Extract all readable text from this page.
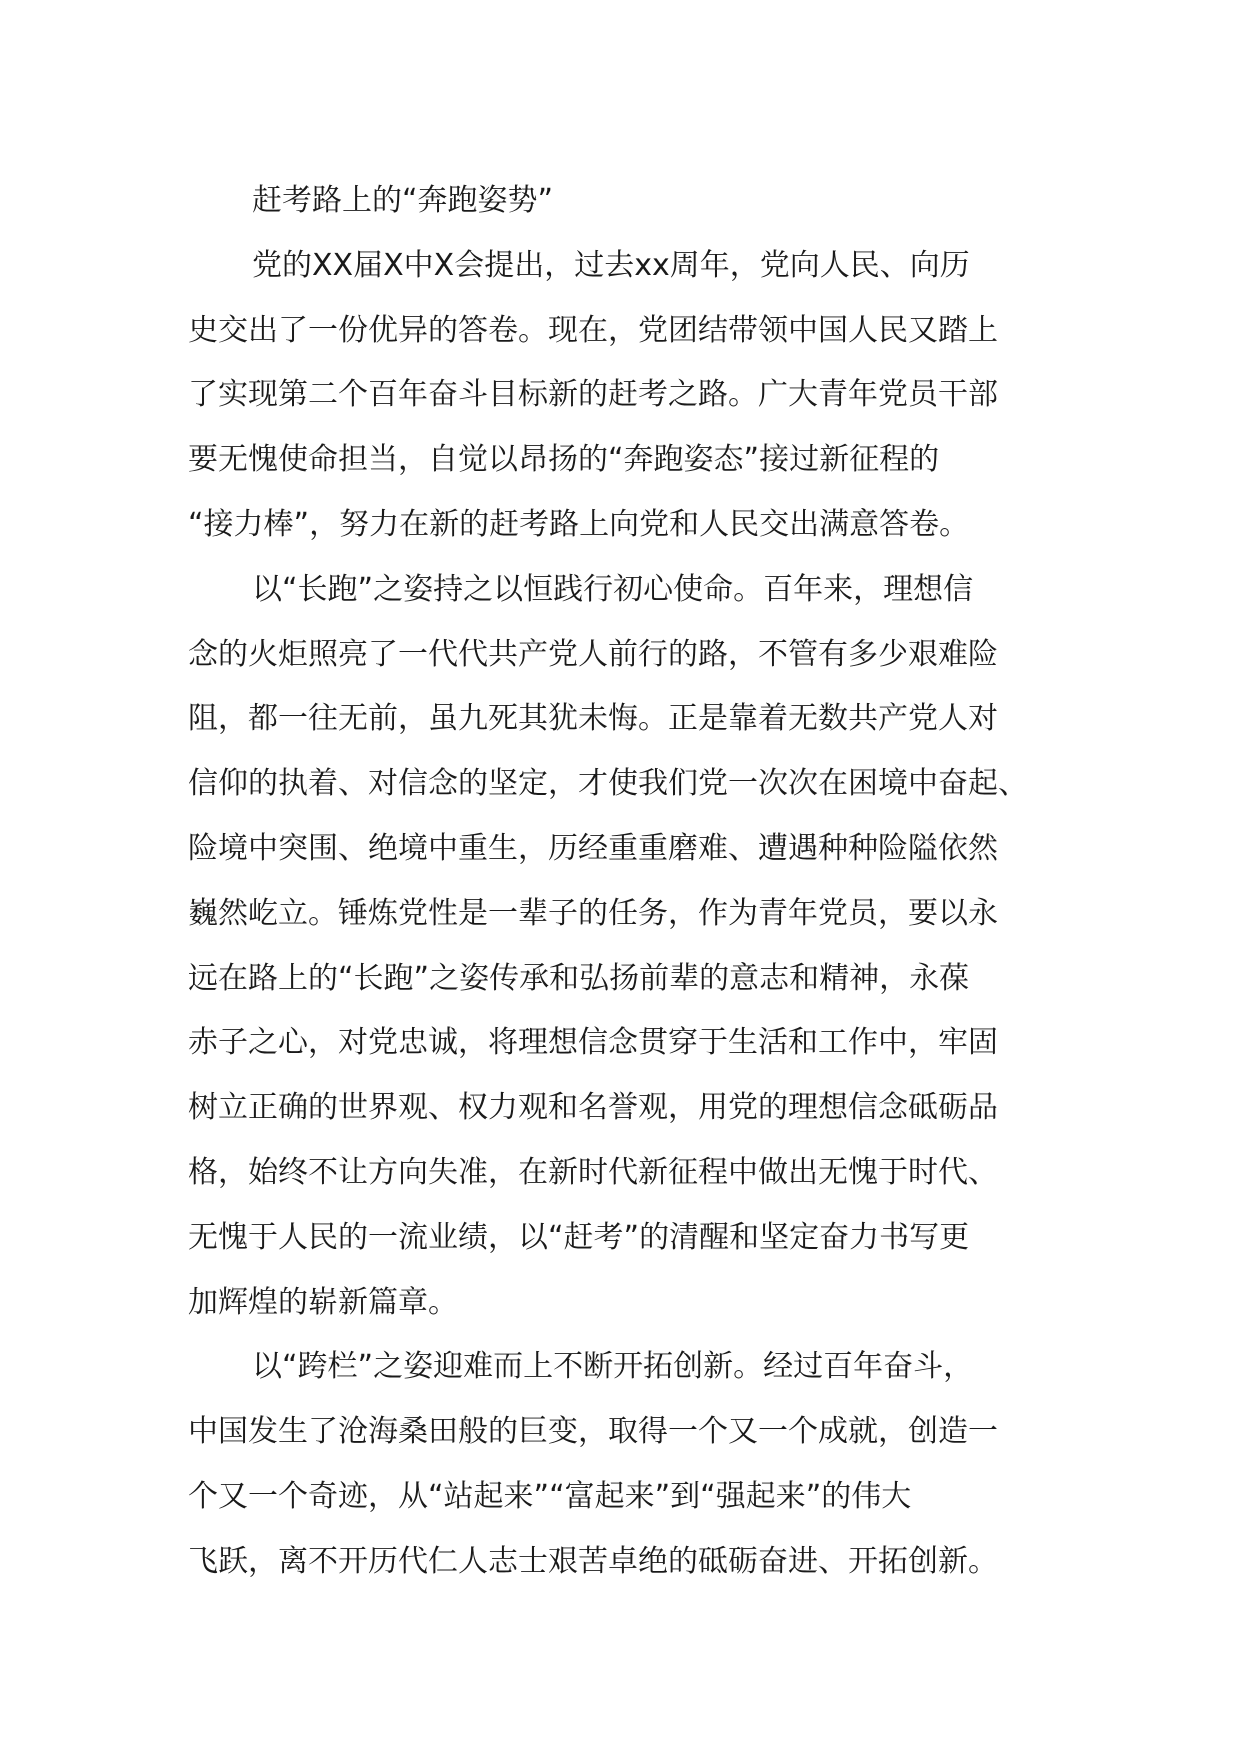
赶考路上的“奔跑姿势”
党的XX届X中X会提出，过去xx周年，党向人民、向历
史交出了一份优异的答卷。现在，党团结带领中国人民又踏上
了实现第二个百年奋斗目标新的赶考之路。广大青年党员干部
要无愧使命担当，自觉以昂扬的“奔跑姿态”接过新征程的
“接力棒”，努力在新的赶考路上向党和人民交出满意答卷。
以“长跑”之姿持之以恒践行初心使命。百年来，理想信
念的火炬照亮了一代代共产党人前行的路，不管有多少艰难险
阻，都一往无前，虽九死其犹未悔。正是靠着无数共产党人对
信仰的执着、对信念的坚定，才使我们党一次次在困境中奋起、
险境中突围、绝境中重生，历经重重磨难、遭遇种种险隘依然
巍然屹立。锤炼党性是一辈子的任务，作为青年党员，要以永
远在路上的“长跑”之姿传承和弘扬前辈的意志和精神，永葆
赤子之心，对党忠诚，将理想信念贯穿于生活和工作中，牢固
树立正确的世界观、权力观和名誉观，用党的理想信念砥砺品
格，始终不让方向失准，在新时代新征程中做出无愧于时代、
无愧于人民的一流业绩，以“赶考”的清醒和坚定奋力书写更
加辉煌的崭新篇章。
以“跨栏”之姿迎难而上不断开拓创新。经过百年奋斗，
中国发生了沧海桑田般的巨变，取得一个又一个成就，创造一
个又一个奇迹，从“站起来”“富起来”到“强起来”的伟大
飞跃，离不开历代仁人志士艰苦卓绝的砥砺奋进、开拓创新。
